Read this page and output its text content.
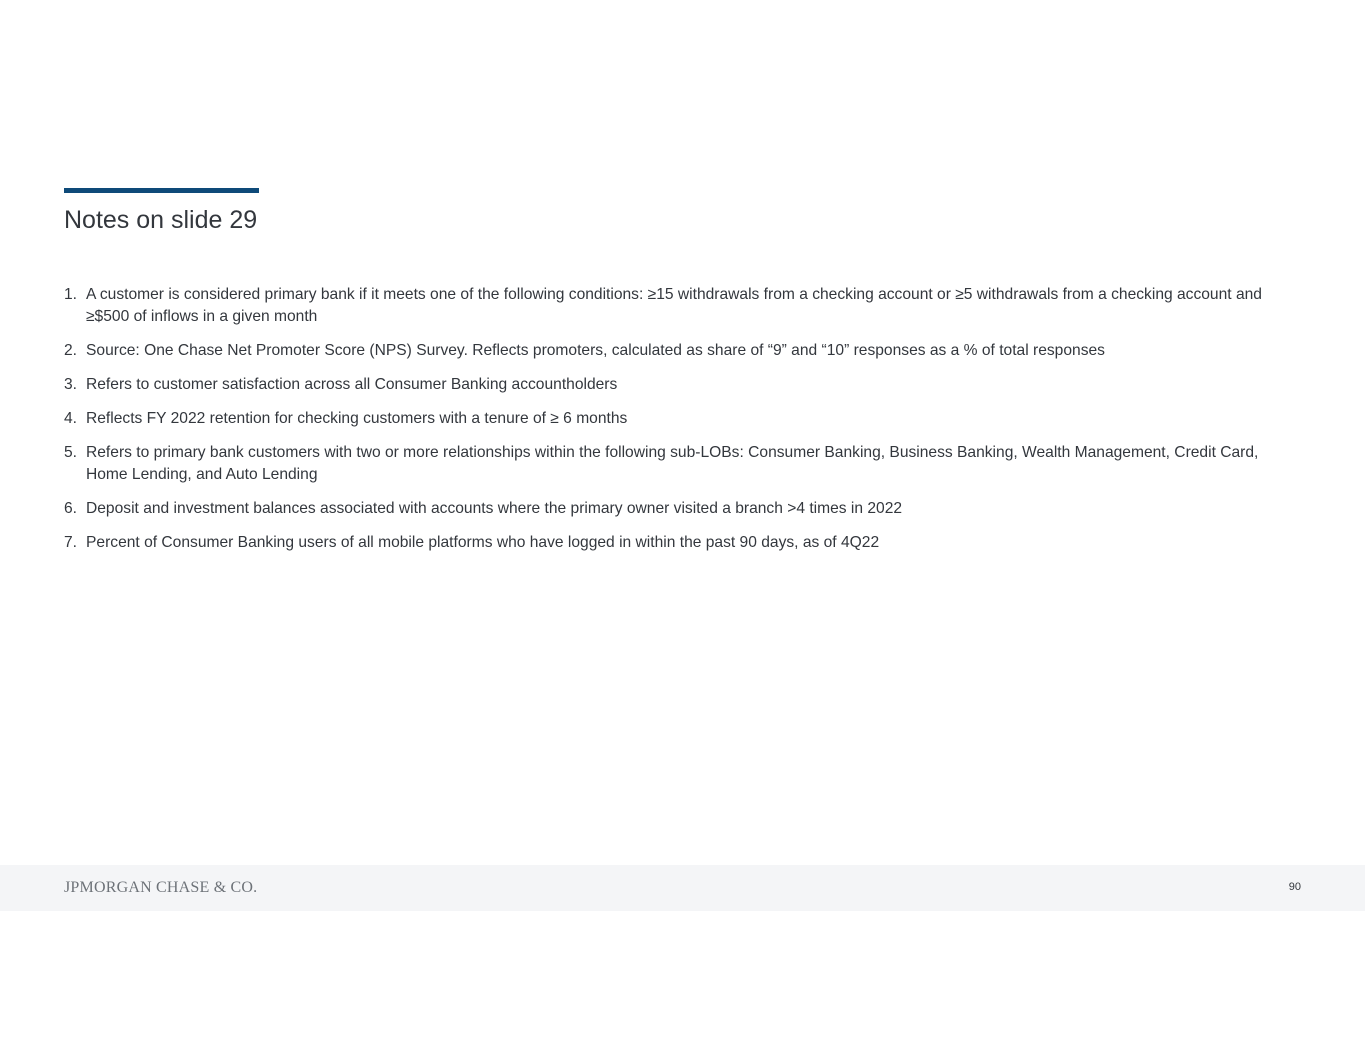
Notes on slide 29
1. A customer is considered primary bank if it meets one of the following conditions: ≥15 withdrawals from a checking account or ≥5 withdrawals from a checking account and ≥$500 of inflows in a given month
2. Source: One Chase Net Promoter Score (NPS) Survey. Reflects promoters, calculated as share of “9” and “10” responses as a % of total responses
3. Refers to customer satisfaction across all Consumer Banking accountholders
4. Reflects FY 2022 retention for checking customers with a tenure of ≥ 6 months
5. Refers to primary bank customers with two or more relationships within the following sub-LOBs: Consumer Banking, Business Banking, Wealth Management, Credit Card, Home Lending, and Auto Lending
6. Deposit and investment balances associated with accounts where the primary owner visited a branch >4 times in 2022
7. Percent of Consumer Banking users of all mobile platforms who have logged in within the past 90 days, as of 4Q22
JPMORGAN CHASE & CO.	90
